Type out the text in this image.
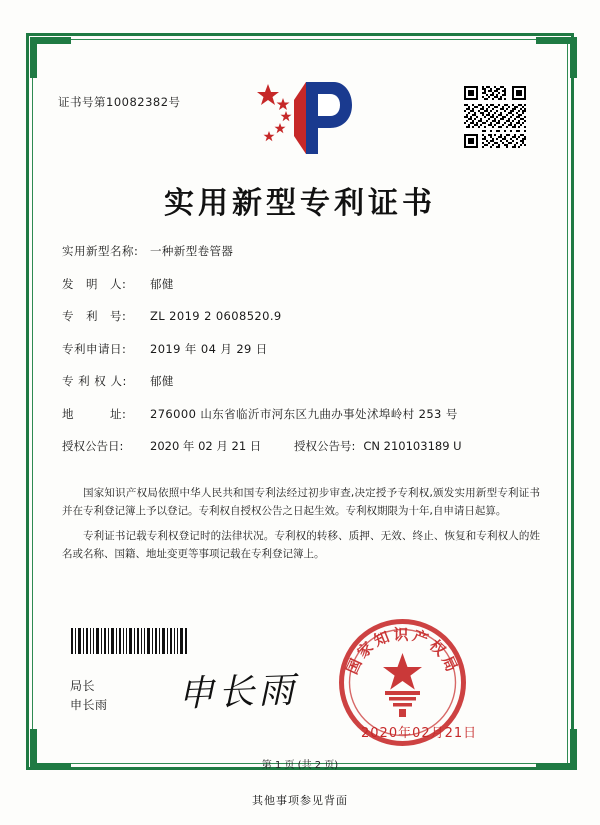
证书号第10082382号
实用新型专利证书
实用新型名称:	一种新型卷管器
发　明　人:	郁健
专　利　号:	ZL 2019 2 0608520.9
专利申请日:	2019 年 04 月 29 日
专 利 权 人:	郁健
地　　　址:	276000 山东省临沂市河东区九曲办事处沭埠岭村 253 号
授权公告日:	2020 年 02 月 21 日	授权公告号: CN 210103189 U

国家知识产权局依照中华人民共和国专利法经过初步审查,决定授予专利权,颁发实用新型专利证书并在专利登记簿上予以登记。专利权自授权公告之日起生效。专利权期限为十年,自申请日起算。

专利证书记载专利权登记时的法律状况。专利权的转移、质押、无效、终止、恢复和专利权人的姓名或名称、国籍、地址变更等事项记载在专利登记簿上。

局长
申长雨 申长雨
国家知识产权局
2020年02月21日
第 1 页 (共 2 页)
其他事项参见背面
